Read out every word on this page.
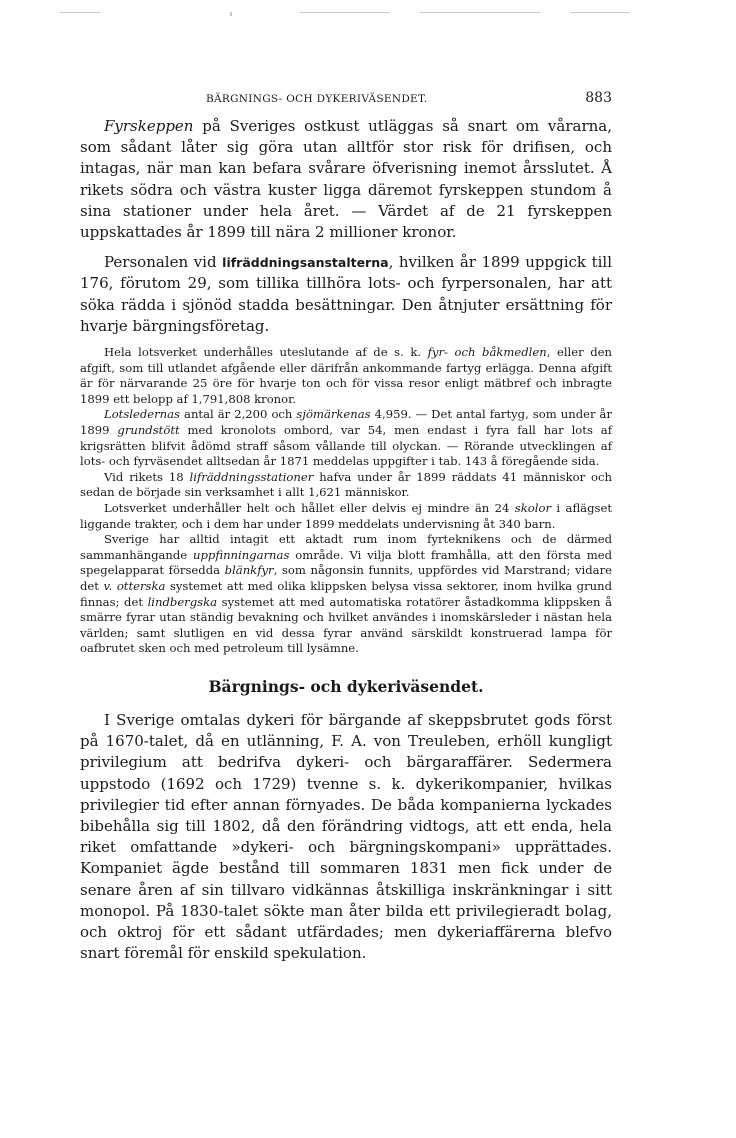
BÄRGNINGS- OCH DYKERIVÄSENDET.	883

Fyrskeppen på Sveriges ostkust utläggas så snart om vårarna, som sådant låter sig göra utan alltför stor risk för drifisen, och intagas, när man kan befara svårare öfverisning inemot årsslutet. Å rikets södra och västra kuster ligga däremot fyrskeppen stundom å sina stationer under hela året. — Värdet af de 21 fyrskeppen uppskattades år 1899 till nära 2 millioner kronor.

Personalen vid lifräddningsanstalterna, hvilken år 1899 uppgick till 176, förutom 29, som tillika tillhöra lots- och fyrpersonalen, har att söka rädda i sjönöd stadda besättningar. Den åtnjuter ersättning för hvarje bärgningsföretag.

Hela lotsverket underhålles uteslutande af de s. k. fyr- och båkmedlen, eller den afgift, som till utlandet afgående eller därifrån ankommande fartyg erlägga. Denna afgift är för närvarande 25 öre för hvarje ton och för vissa resor enligt mätbref och inbragte 1899 ett belopp af 1,791,808 kronor.

Lotsledernas antal är 2,200 och sjömärkenas 4,959. — Det antal fartyg, som under år 1899 grundstött med kronolots ombord, var 54, men endast i fyra fall har lots af krigsrätten blifvit ådömd straff såsom vållande till olyckan. — Rörande utvecklingen af lots- och fyrväsendet alltsedan år 1871 meddelas uppgifter i tab. 143 å föregående sida.

Vid rikets 18 lifräddningsstationer hafva under år 1899 räddats 41 människor och sedan de började sin verksamhet i allt 1,621 människor.

Lotsverket underhåller helt och hållet eller delvis ej mindre än 24 skolor i aflägset liggande trakter, och i dem har under 1899 meddelats undervisning åt 340 barn.

Sverige har alltid intagit ett aktadt rum inom fyrteknikens och de därmed sammanhängande uppfinningarnas område. Vi vilja blott framhålla, att den första med spegelapparat försedda blänkfyr, som någonsin funnits, uppfördes vid Marstrand; vidare det v. otterska systemet att med olika klippsken belysa vissa sektorer, inom hvilka grund finnas; det lindbergska systemet att med automatiska rotatörer åstadkomma klippsken å smärre fyrar utan ständig bevakning och hvilket användes i inomskärsleder i nästan hela världen; samt slutligen en vid dessa fyrar använd särskildt konstruerad lampa för oafbrutet sken och med petroleum till lysämne.

Bärgnings- och dykeriväsendet.

I Sverige omtalas dykeri för bärgande af skeppsbrutet gods först på 1670-talet, då en utlänning, F. A. von Treuleben, erhöll kungligt privilegium att bedrifva dykeri- och bärgaraffärer. Sedermera uppstodo (1692 och 1729) tvenne s. k. dykerikompanier, hvilkas privilegier tid efter annan förnyades. De båda kompanierna lyckades bibehålla sig till 1802, då den förändring vidtogs, att ett enda, hela riket omfattande »dykeri- och bärgningskompani» upprättades. Kompaniet ägde bestånd till sommaren 1831 men fick under de senare åren af sin tillvaro vidkännas åtskilliga inskränkningar i sitt monopol. På 1830-talet sökte man åter bilda ett privilegieradt bolag, och oktroj för ett sådant utfärdades; men dykeriaffärerna blefvo snart föremål för enskild spekulation.
